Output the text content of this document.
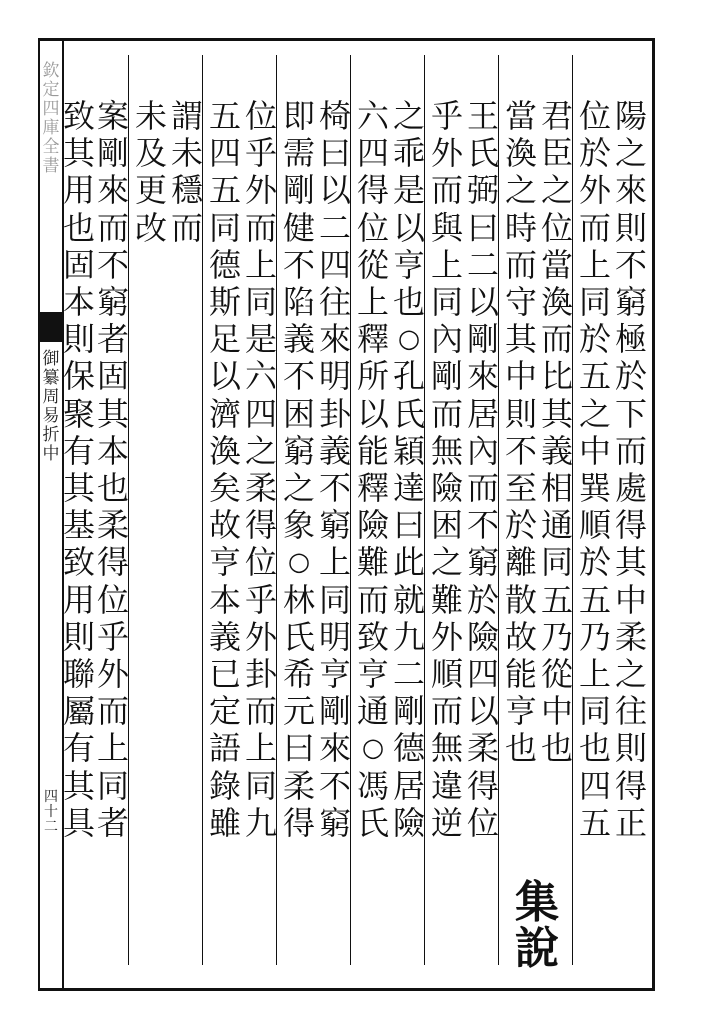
欽
定
四
庫
全
書
御
纂
周
易
折
中
四
十
二
陽
之
來
則
不
窮
極
於
下
而
處
得
其
中
柔
之
往
則
得
正
位
於
外
而
上
同
於
五
之
中
巽
順
於
五
乃
上
同
也
四
五
君
臣
之
位
當
渙
而
比
其
義
相
通
同
五
乃
從
中
也
當
渙
之
時
而
守
其
中
則
不
至
於
離
散
故
能
亨
也
集說
王
氏
弼
曰
二
以
剛
來
居
內
而
不
窮
於
險
四
以
柔
得
位
乎
外
而
與
上
同
內
剛
而
無
險
困
之
難
外
順
而
無
違
逆
之
乖
是
以
亨
也
○
孔
氏
穎
達
曰
此
就
九
二
剛
德
居
險
六
四
得
位
從
上
釋
所
以
能
釋
險
難
而
致
亨
通
○
馮
氏
椅
曰
以
二
四
往
來
明
卦
義
不
窮
上
同
明
亨
剛
來
不
窮
即
需
剛
健
不
陷
義
不
困
窮
之
象
○
林
氏
希
元
曰
柔
得
位
乎
外
而
上
同
是
六
四
之
柔
得
位
乎
外
卦
而
上
同
九
五
四
五
同
德
斯
足
以
濟
渙
矣
故
亨
本
義
已
定
語
錄
雖
謂
未
穩
而
未
及
更
改
案
剛
來
而
不
窮
者
固
其
本
也
柔
得
位
乎
外
而
上
同
者
致
其
用
也
固
本
則
保
聚
有
其
基
致
用
則
聯
屬
有
其
具
